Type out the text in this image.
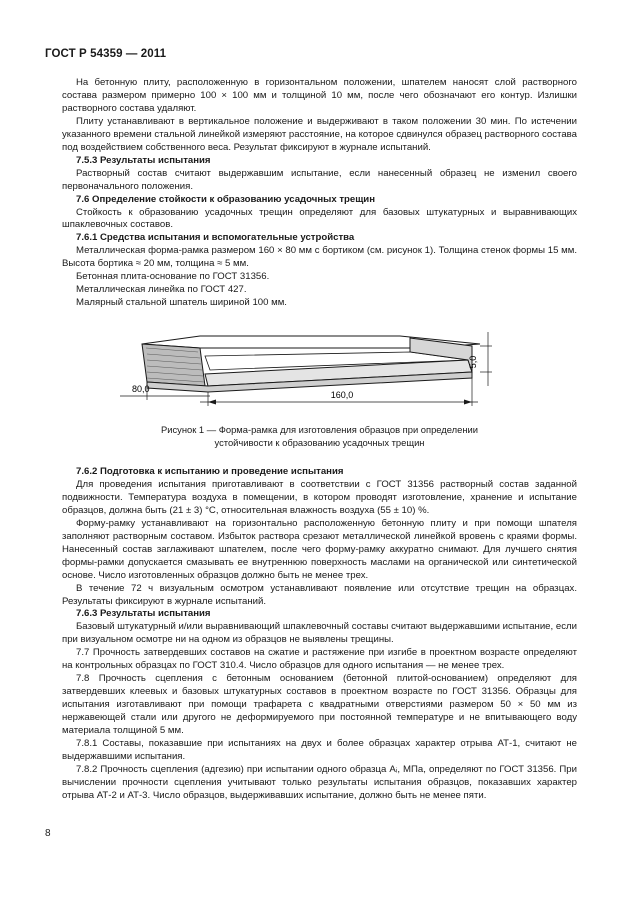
ГОСТ Р 54359 — 2011

На бетонную плиту, расположенную в горизонтальном положении, шпателем наносят слой растворного состава размером примерно 100 × 100 мм и толщиной 10 мм, после чего обозначают его контур. Излишки растворного состава удаляют.

Плиту устанавливают в вертикальное положение и выдерживают в таком положении 30 мин. По истечении указанного времени стальной линейкой измеряют расстояние, на которое сдвинулся образец растворного состава под воздействием собственного веса. Результат фиксируют в журнале испытаний.

7.5.3 Результаты испытания

Растворный состав считают выдержавшим испытание, если нанесенный образец не изменил своего первоначального положения.

7.6 Определение стойкости к образованию усадочных трещин

Стойкость к образованию усадочных трещин определяют для базовых штукатурных и выравнивающих шпаклевочных составов.

7.6.1 Средства испытания и вспомогательные устройства

Металлическая форма-рамка размером 160 × 80 мм с бортиком (см. рисунок 1). Толщина стенок формы 15 мм. Высота бортика ≈ 20 мм, толщина ≈ 5 мм.

Бетонная плита-основание по ГОСТ 31356.

Металлическая линейка по ГОСТ 427.

Малярный стальной шпатель шириной 100 мм.

5,0
160,0
80,0
Рисунок 1 — Форма-рамка для изготовления образцов при определении
устойчивости к образованию усадочных трещин

7.6.2 Подготовка к испытанию и проведение испытания

Для проведения испытания приготавливают в соответствии с ГОСТ 31356 растворный состав заданной подвижности. Температура воздуха в помещении, в котором проводят изготовление, хранение и испытание образцов, должна быть (21 ± 3) °С, относительная влажность воздуха (55 ± 10) %.

Форму-рамку устанавливают на горизонтально расположенную бетонную плиту и при помощи шпателя заполняют растворным составом. Избыток раствора срезают металлической линейкой вровень с краями формы. Нанесенный состав заглаживают шпателем, после чего форму-рамку аккуратно снимают. Для лучшего снятия формы-рамки допускается смазывать ее внутреннюю поверхность маслами на органической или синтетической основе. Число изготовленных образцов должно быть не менее трех.

В течение 72 ч визуальным осмотром устанавливают появление или отсутствие трещин на образцах. Результаты фиксируют в журнале испытаний.

7.6.3 Результаты испытания

Базовый штукатурный и/или выравнивающий шпаклевочный составы считают выдержавшими испытание, если при визуальном осмотре ни на одном из образцов не выявлены трещины.

7.7 Прочность затвердевших составов на сжатие и растяжение при изгибе в проектном возрасте определяют на контрольных образцах по ГОСТ 310.4. Число образцов для одного испытания — не менее трех.

7.8 Прочность сцепления с бетонным основанием (бетонной плитой-основанием) определяют для затвердевших клеевых и базовых штукатурных составов в проектном возрасте по ГОСТ 31356. Образцы для испытания изготавливают при помощи трафарета с квадратными отверстиями размером 50 × 50 мм из нержавеющей стали или другого не деформируемого при постоянной температуре и не впитывающего воду материала толщиной 5 мм.

7.8.1 Составы, показавшие при испытаниях на двух и более образцах характер отрыва АТ-1, считают не выдержавшими испытания.

7.8.2 Прочность сцепления (адгезию) при испытании одного образца Aᵢ, МПа, определяют по ГОСТ 31356. При вычислении прочности сцепления учитывают только результаты испытания образцов, показавших характер отрыва АТ-2 и АТ-3. Число образцов, выдерживавших испытание, должно быть не менее пяти.

8
